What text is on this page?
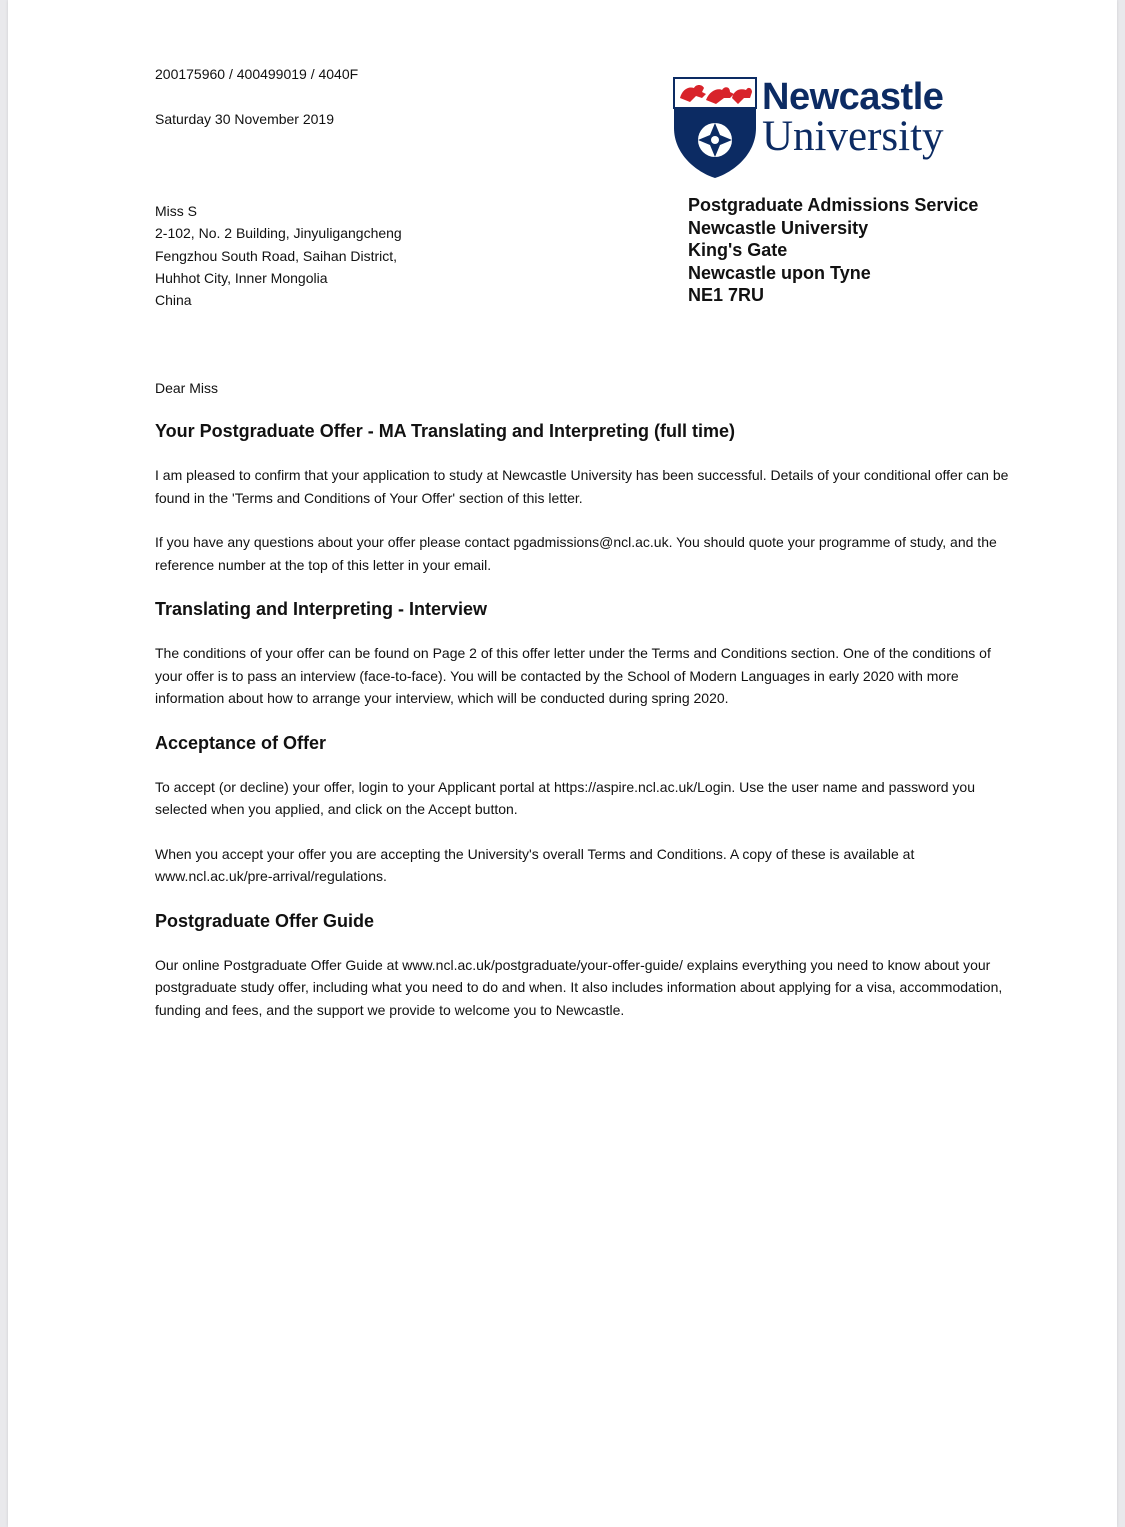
200175960 / 400499019 / 4040F
Saturday 30 November 2019
Newcastle
University
Miss S
2-102, No. 2 Building, Jinyuligangcheng
Fengzhou South Road, Saihan District,
Huhhot City, Inner Mongolia
China
Postgraduate Admissions Service
Newcastle University
King's Gate
Newcastle upon Tyne
NE1 7RU
Dear Miss
Your Postgraduate Offer - MA Translating and Interpreting (full time)

I am pleased to confirm that your application to study at Newcastle University has been successful. Details of your conditional offer can be found in the 'Terms and Conditions of Your Offer' section of this letter.

If you have any questions about your offer please contact pgadmissions@ncl.ac.uk. You should quote your programme of study, and the reference number at the top of this letter in your email.

Translating and Interpreting - Interview

The conditions of your offer can be found on Page 2 of this offer letter under the Terms and Conditions section. One of the conditions of your offer is to pass an interview (face-to-face). You will be contacted by the School of Modern Languages in early 2020 with more information about how to arrange your interview, which will be conducted during spring 2020.

Acceptance of Offer

To accept (or decline) your offer, login to your Applicant portal at https://aspire.ncl.ac.uk/Login. Use the user name and password you selected when you applied, and click on the Accept button.

When you accept your offer you are accepting the University's overall Terms and Conditions. A copy of these is available at www.ncl.ac.uk/pre-arrival/regulations.

Postgraduate Offer Guide

Our online Postgraduate Offer Guide at www.ncl.ac.uk/postgraduate/your-offer-guide/ explains everything you need to know about your postgraduate study offer, including what you need to do and when. It also includes information about applying for a visa, accommodation, funding and fees, and the support we provide to welcome you to Newcastle.
